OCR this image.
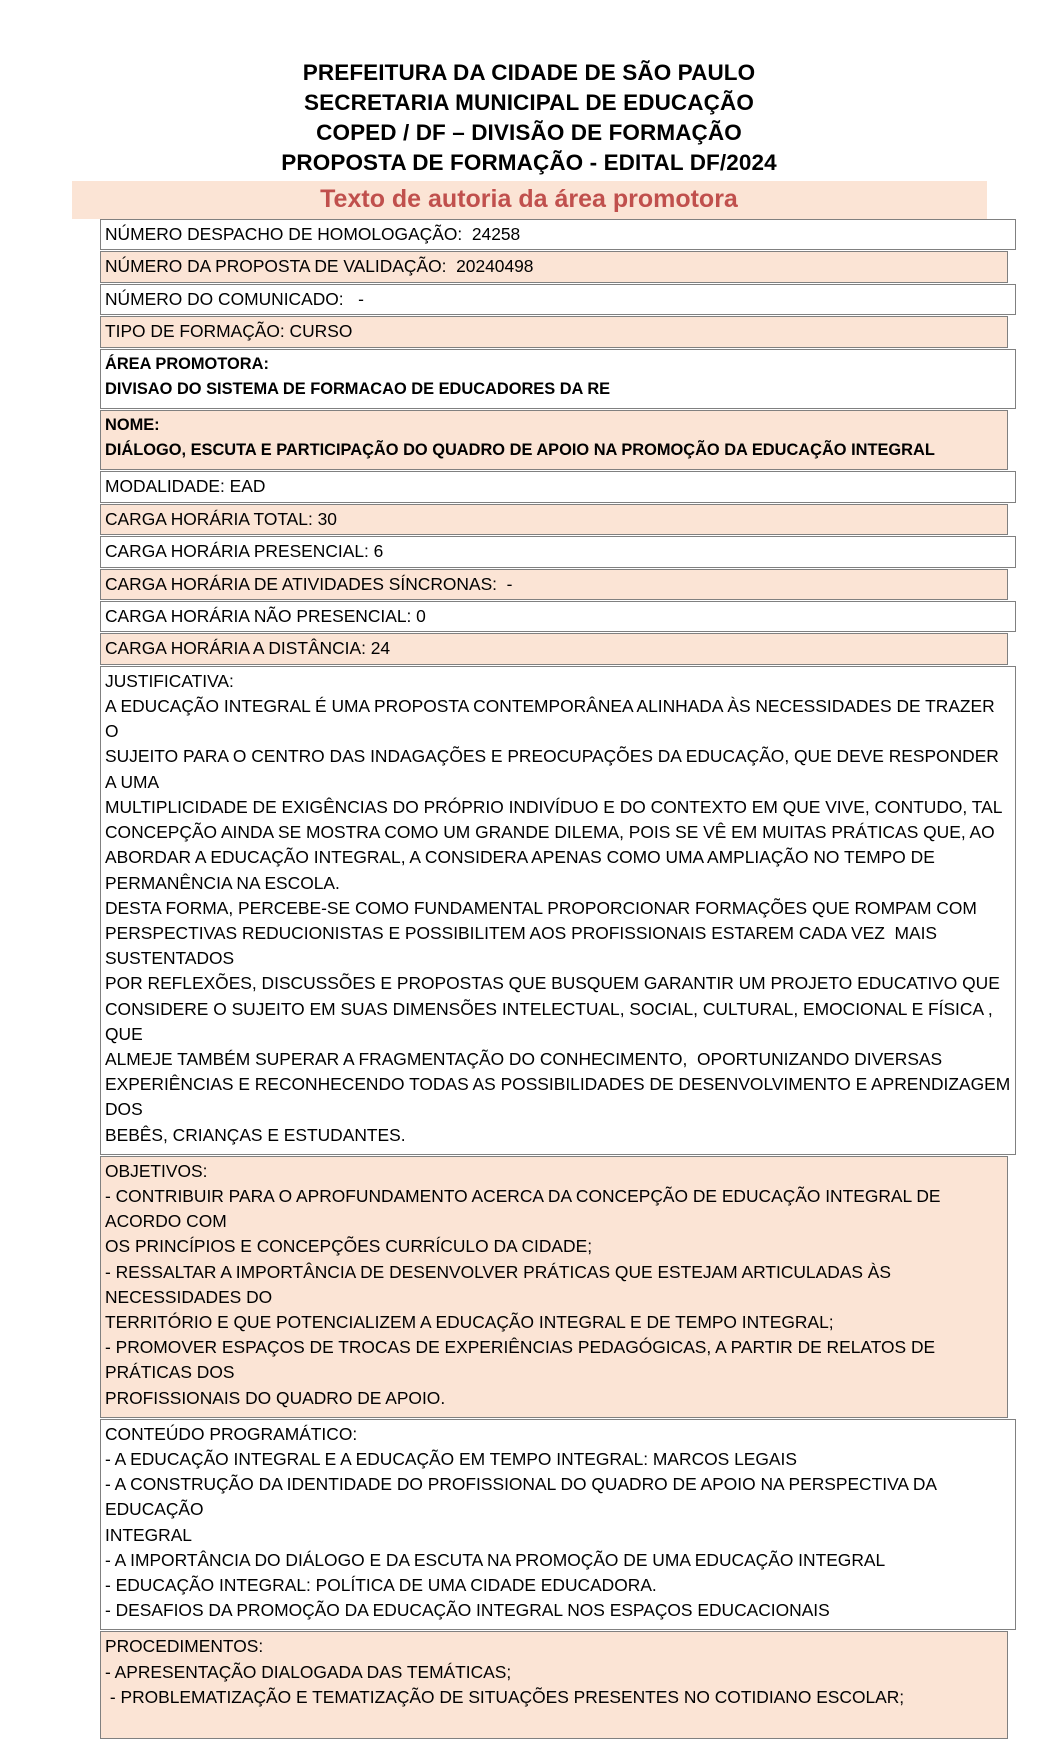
PREFEITURA DA CIDADE DE SÃO PAULO
SECRETARIA MUNICIPAL DE EDUCAÇÃO
COPED / DF – DIVISÃO DE FORMAÇÃO
PROPOSTA DE FORMAÇÃO - EDITAL DF/2024
Texto de autoria da área promotora
NÚMERO DESPACHO DE HOMOLOGAÇÃO:  24258
NÚMERO DA PROPOSTA DE VALIDAÇÃO:  20240498
NÚMERO DO COMUNICADO:   -
TIPO DE FORMAÇÃO: CURSO
ÁREA PROMOTORA:
DIVISAO DO SISTEMA DE FORMACAO DE EDUCADORES DA RE
NOME:
DIÁLOGO, ESCUTA E PARTICIPAÇÃO DO QUADRO DE APOIO NA PROMOÇÃO DA EDUCAÇÃO INTEGRAL
MODALIDADE: EAD
CARGA HORÁRIA TOTAL: 30
CARGA HORÁRIA PRESENCIAL: 6
CARGA HORÁRIA DE ATIVIDADES SÍNCRONAS:  -
CARGA HORÁRIA NÃO PRESENCIAL: 0
CARGA HORÁRIA A DISTÂNCIA: 24
JUSTIFICATIVA:
A EDUCAÇÃO INTEGRAL É UMA PROPOSTA CONTEMPORÂNEA ALINHADA ÀS NECESSIDADES DE TRAZER O
SUJEITO PARA O CENTRO DAS INDAGAÇÕES E PREOCUPAÇÕES DA EDUCAÇÃO, QUE DEVE RESPONDER A UMA
MULTIPLICIDADE DE EXIGÊNCIAS DO PRÓPRIO INDIVÍDUO E DO CONTEXTO EM QUE VIVE, CONTUDO, TAL
CONCEPÇÃO AINDA SE MOSTRA COMO UM GRANDE DILEMA, POIS SE VÊ EM MUITAS PRÁTICAS QUE, AO
ABORDAR A EDUCAÇÃO INTEGRAL, A CONSIDERA APENAS COMO UMA AMPLIAÇÃO NO TEMPO DE
PERMANÊNCIA NA ESCOLA.
DESTA FORMA, PERCEBE-SE COMO FUNDAMENTAL PROPORCIONAR FORMAÇÕES QUE ROMPAM COM
PERSPECTIVAS REDUCIONISTAS E POSSIBILITEM AOS PROFISSIONAIS ESTAREM CADA VEZ  MAIS SUSTENTADOS
POR REFLEXÕES, DISCUSSÕES E PROPOSTAS QUE BUSQUEM GARANTIR UM PROJETO EDUCATIVO QUE
CONSIDERE O SUJEITO EM SUAS DIMENSÕES INTELECTUAL, SOCIAL, CULTURAL, EMOCIONAL E FÍSICA , QUE
ALMEJE TAMBÉM SUPERAR A FRAGMENTAÇÃO DO CONHECIMENTO,  OPORTUNIZANDO DIVERSAS
EXPERIÊNCIAS E RECONHECENDO TODAS AS POSSIBILIDADES DE DESENVOLVIMENTO E APRENDIZAGEM DOS
BEBÊS, CRIANÇAS E ESTUDANTES.
OBJETIVOS:
- CONTRIBUIR PARA O APROFUNDAMENTO ACERCA DA CONCEPÇÃO DE EDUCAÇÃO INTEGRAL DE ACORDO COM
OS PRINCÍPIOS E CONCEPÇÕES CURRÍCULO DA CIDADE;
- RESSALTAR A IMPORTÂNCIA DE DESENVOLVER PRÁTICAS QUE ESTEJAM ARTICULADAS ÀS NECESSIDADES DO
TERRITÓRIO E QUE POTENCIALIZEM A EDUCAÇÃO INTEGRAL E DE TEMPO INTEGRAL;
- PROMOVER ESPAÇOS DE TROCAS DE EXPERIÊNCIAS PEDAGÓGICAS, A PARTIR DE RELATOS DE PRÁTICAS DOS
PROFISSIONAIS DO QUADRO DE APOIO.
CONTEÚDO PROGRAMÁTICO:
- A EDUCAÇÃO INTEGRAL E A EDUCAÇÃO EM TEMPO INTEGRAL: MARCOS LEGAIS
- A CONSTRUÇÃO DA IDENTIDADE DO PROFISSIONAL DO QUADRO DE APOIO NA PERSPECTIVA DA EDUCAÇÃO
INTEGRAL
- A IMPORTÂNCIA DO DIÁLOGO E DA ESCUTA NA PROMOÇÃO DE UMA EDUCAÇÃO INTEGRAL
- EDUCAÇÃO INTEGRAL: POLÍTICA DE UMA CIDADE EDUCADORA.
- DESAFIOS DA PROMOÇÃO DA EDUCAÇÃO INTEGRAL NOS ESPAÇOS EDUCACIONAIS
PROCEDIMENTOS:
- APRESENTAÇÃO DIALOGADA DAS TEMÁTICAS;
- PROBLEMATIZAÇÃO E TEMATIZAÇÃO DE SITUAÇÕES PRESENTES NO COTIDIANO ESCOLAR;
